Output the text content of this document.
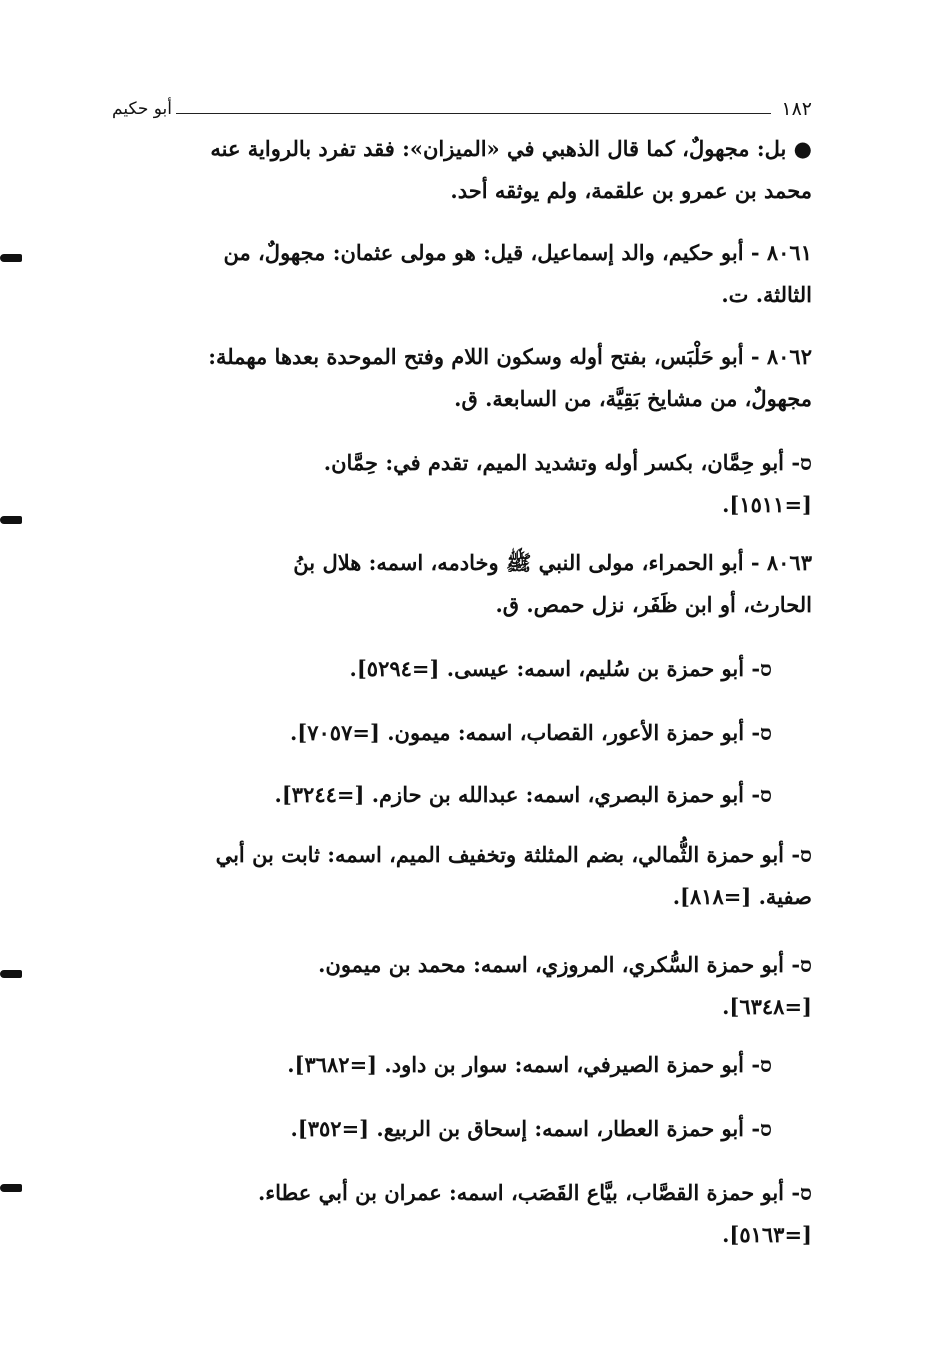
١٨٢
أبو حكيم
● بل: مجهولٌ، كما قال الذهبي في «الميزان»: فقد تفرد بالرواية عنه
محمد بن عمرو بن علقمة، ولم يوثقه أحد.
٨٠٦١ - أبو حكيم، والد إسماعيل، قيل: هو مولى عثمان: مجهولٌ، من
الثالثة. ت.
٨٠٦٢ - أبو حَلْبَس، بفتح أوله وسكون اللام وفتح الموحدة بعدها مهملة:
مجهولٌ، من مشايخ بَقِيَّة، من السابعة. ق.
ס- أبو حِمَّان، بكسر أوله وتشديد الميم، تقدم في: حِمَّان.
[=١٥١١].
٨٠٦٣ - أبو الحمراء، مولى النبي ﷺ وخادمه، اسمه: هلال بنُ
الحارث، أو ابن ظَفَر، نزل حمص. ق.
ס- أبو حمزة بن سُليم، اسمه: عيسى. [=٥٢٩٤].
ס- أبو حمزة الأعور، القصاب، اسمه: ميمون. [=٧٠٥٧].
ס- أبو حمزة البصري، اسمه: عبدالله بن حازم. [=٣٢٤٤].
ס- أبو حمزة الثُّمالي، بضم المثلثة وتخفيف الميم، اسمه: ثابت بن أبي
صفية. [=٨١٨].
ס- أبو حمزة السُّكري، المروزي، اسمه: محمد بن ميمون.
[=٦٣٤٨].
ס- أبو حمزة الصيرفي، اسمه: سوار بن داود. [=٣٦٨٢].
ס- أبو حمزة العطار، اسمه: إسحاق بن الربيع. [=٣٥٢].
ס- أبو حمزة القصَّاب، بيَّاع القَصَب، اسمه: عمران بن أبي عطاء.
[=٥١٦٣].
